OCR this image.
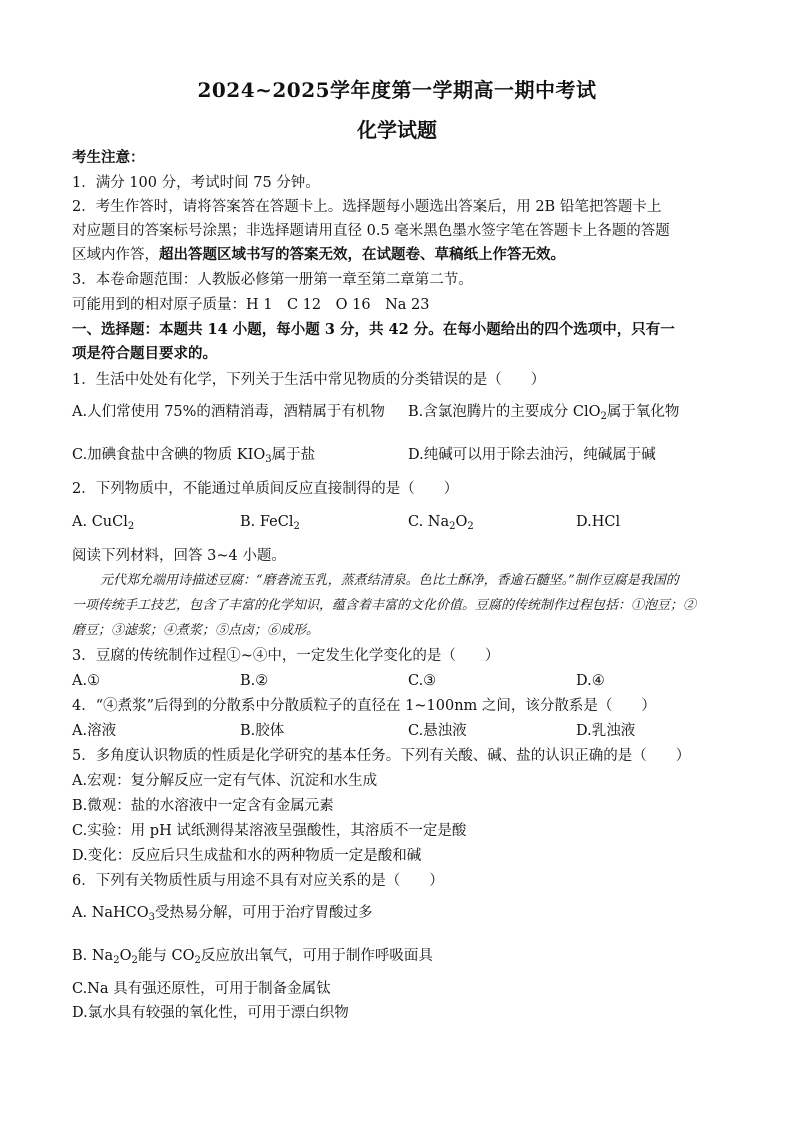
2024~2025学年度第一学期高一期中考试
化学试题
考生注意：
1．满分 100 分，考试时间 75 分钟。
2．考生作答时，请将答案答在答题卡上。选择题每小题选出答案后，用 2B 铅笔把答题卡上
对应题目的答案标号涂黑；非选择题请用直径 0.5 毫米黑色墨水签字笔在答题卡上各题的答题
区域内作答，超出答题区域书写的答案无效，在试题卷、草稿纸上作答无效。
3．本卷命题范围：人教版必修第一册第一章至第二章第二节。
可能用到的相对原子质量：H 1　C 12　O 16　Na 23
一、选择题：本题共 14 小题，每小题 3 分，共 42 分。在每小题给出的四个选项中，只有一
项是符合题目要求的。
1．生活中处处有化学，下列关于生活中常见物质的分类错误的是（　　）
A.人们常使用 75%的酒精消毒，酒精属于有机物 B.含氯泡腾片的主要成分 ClO$_2$属于氧化物
C.加碘食盐中含碘的物质 $KIO_3$属于盐	D.纯碱可以用于除去油污，纯碱属于碱
2．下列物质中，不能通过单质间反应直接制得的是（　　）
A. CuCl$_2$	B. FeCl$_2$	C. $Na_2O_2$	D.HCl
阅读下列材料，回答 3~4 小题。
元代郑允端用诗描述豆腐：“磨砻流玉乳，蒸煮结清泉。色比土酥净，香逾石髓坚。”制作豆腐是我国的
一项传统手工技艺，包含了丰富的化学知识，蕴含着丰富的文化价值。豆腐的传统制作过程包括：①泡豆；②
磨豆；③滤浆；④煮浆；⑤点卤；⑥成形。
3．豆腐的传统制作过程①~④中，一定发生化学变化的是（　　）
A.①	B.②	C.③	D.④
4．“④煮浆”后得到的分散系中分散质粒子的直径在 1~100nm 之间，该分散系是（　　）
A.溶液	B.胶体	C.悬浊液	D.乳浊液
5．多角度认识物质的性质是化学研究的基本任务。下列有关酸、碱、盐的认识正确的是（　　）
A.宏观：复分解反应一定有气体、沉淀和水生成
B.微观：盐的水溶液中一定含有金属元素
C.实验：用 pH 试纸测得某溶液呈强酸性，其溶质不一定是酸
D.变化：反应后只生成盐和水的两种物质一定是酸和碱
6．下列有关物质性质与用途不具有对应关系的是（　　）
A. NaHCO$_3$受热易分解，可用于治疗胃酸过多
B. $Na_2O_2$能与 $CO_2$反应放出氧气，可用于制作呼吸面具
C.Na 具有强还原性，可用于制备金属钛
D.氯水具有较强的氧化性，可用于漂白织物
